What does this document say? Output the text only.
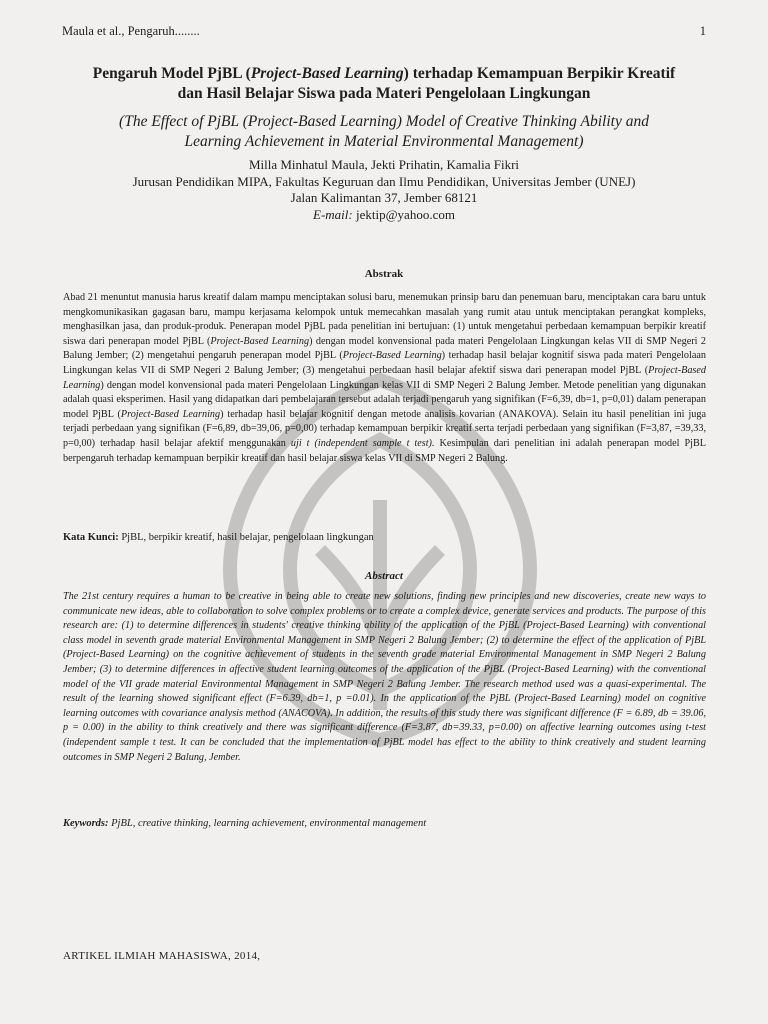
Maula et al., Pengaruh........	1
Pengaruh Model PjBL (Project-Based Learning) terhadap Kemampuan Berpikir Kreatif
dan Hasil Belajar Siswa pada Materi Pengelolaan Lingkungan
(The Effect of PjBL (Project-Based Learning) Model of Creative Thinking Ability and
Learning Achievement in Material Environmental Management)
Milla Minhatul Maula, Jekti Prihatin, Kamalia Fikri
Jurusan Pendidikan MIPA, Fakultas Keguruan dan Ilmu Pendidikan, Universitas Jember (UNEJ)
Jalan Kalimantan 37, Jember 68121
E-mail: jektip@yahoo.com
Abstrak
Abad 21 menuntut manusia harus kreatif dalam mampu menciptakan solusi baru, menemukan prinsip baru dan penemuan baru, menciptakan cara baru untuk mengkomunikasikan gagasan baru, mampu kerjasama kelompok untuk memecahkan masalah yang rumit atau untuk menciptakan perangkat kompleks, menghasilkan jasa, dan produk-produk. Penerapan model PjBL pada penelitian ini bertujuan: (1) untuk mengetahui perbedaan kemampuan berpikir kreatif siswa dari penerapan model PjBL (Project-Based Learning) dengan model konvensional pada materi Pengelolaan Lingkungan kelas VII di SMP Negeri 2 Balung Jember; (2) mengetahui pengaruh penerapan model PjBL (Project-Based Learning) terhadap hasil belajar kognitif siswa pada materi Pengelolaan Lingkungan kelas VII di SMP Negeri 2 Balung Jember; (3) mengetahui perbedaan hasil belajar afektif siswa dari penerapan model PjBL (Project-Based Learning) dengan model konvensional pada materi Pengelolaan Lingkungan kelas VII di SMP Negeri 2 Balung Jember. Metode penelitian yang digunakan adalah quasi eksperimen. Hasil yang didapatkan dari pembelajaran tersebut adalah terjadi pengaruh yang signifikan (F=6,39, db=1, p=0,01) dalam penerapan model PjBL (Project-Based Learning) terhadap hasil belajar kognitif dengan metode analisis kovarian (ANAKOVA). Selain itu hasil penelitian ini juga terjadi perbedaan yang signifikan (F=6,89, db=39,06, p=0,00) terhadap kemampuan berpikir kreatif serta terjadi perbedaan yang signifikan (F=3,87, =39,33, p=0,00) terhadap hasil belajar afektif menggunakan uji t (independent sample t test). Kesimpulan dari penelitian ini adalah penerapan model PjBL berpengaruh terhadap kemampuan berpikir kreatif dan hasil belajar siswa kelas VII di SMP Negeri 2 Balung.
Kata Kunci: PjBL, berpikir kreatif, hasil belajar, pengelolaan lingkungan
Abstract
The 21st century requires a human to be creative in being able to create new solutions, finding new principles and new discoveries, create new ways to communicate new ideas, able to collaboration to solve complex problems or to create a complex device, generate services and products. The purpose of this research are: (1) to determine differences in students' creative thinking ability of the application of the PjBL (Project-Based Learning) with conventional class model in seventh grade material Environmental Management in SMP Negeri 2 Balung Jember; (2) to determine the effect of the application of PjBL (Project-Based Learning) on the cognitive achievement of students in the seventh grade material Environmental Management in SMP Negeri 2 Balung Jember; (3) to determine differences in affective student learning outcomes of the application of the PjBL (Project-Based Learning) with the conventional model of the VII grade material Environmental Management in SMP Negeri 2 Balung Jember. The research method used was a quasi-experimental. The result of the learning showed significant effect (F=6.39, db=1, p =0.01). In the application of the PjBL (Project-Based Learning) model on cognitive learning outcomes with covariance analysis method (ANACOVA). In addition, the results of this study there was significant difference (F = 6.89, db = 39.06, p = 0.00) in the ability to think creatively and there was significant difference (F=3.87, db=39.33, p=0.00) on affective learning outcomes using t-test (independent sample t test. It can be concluded that the implementation of PjBL model has effect to the ability to think creatively and student learning outcomes in SMP Negeri 2 Balung, Jember.
Keywords: PjBL, creative thinking, learning achievement, environmental management
ARTIKEL ILMIAH MAHASISWA, 2014,
